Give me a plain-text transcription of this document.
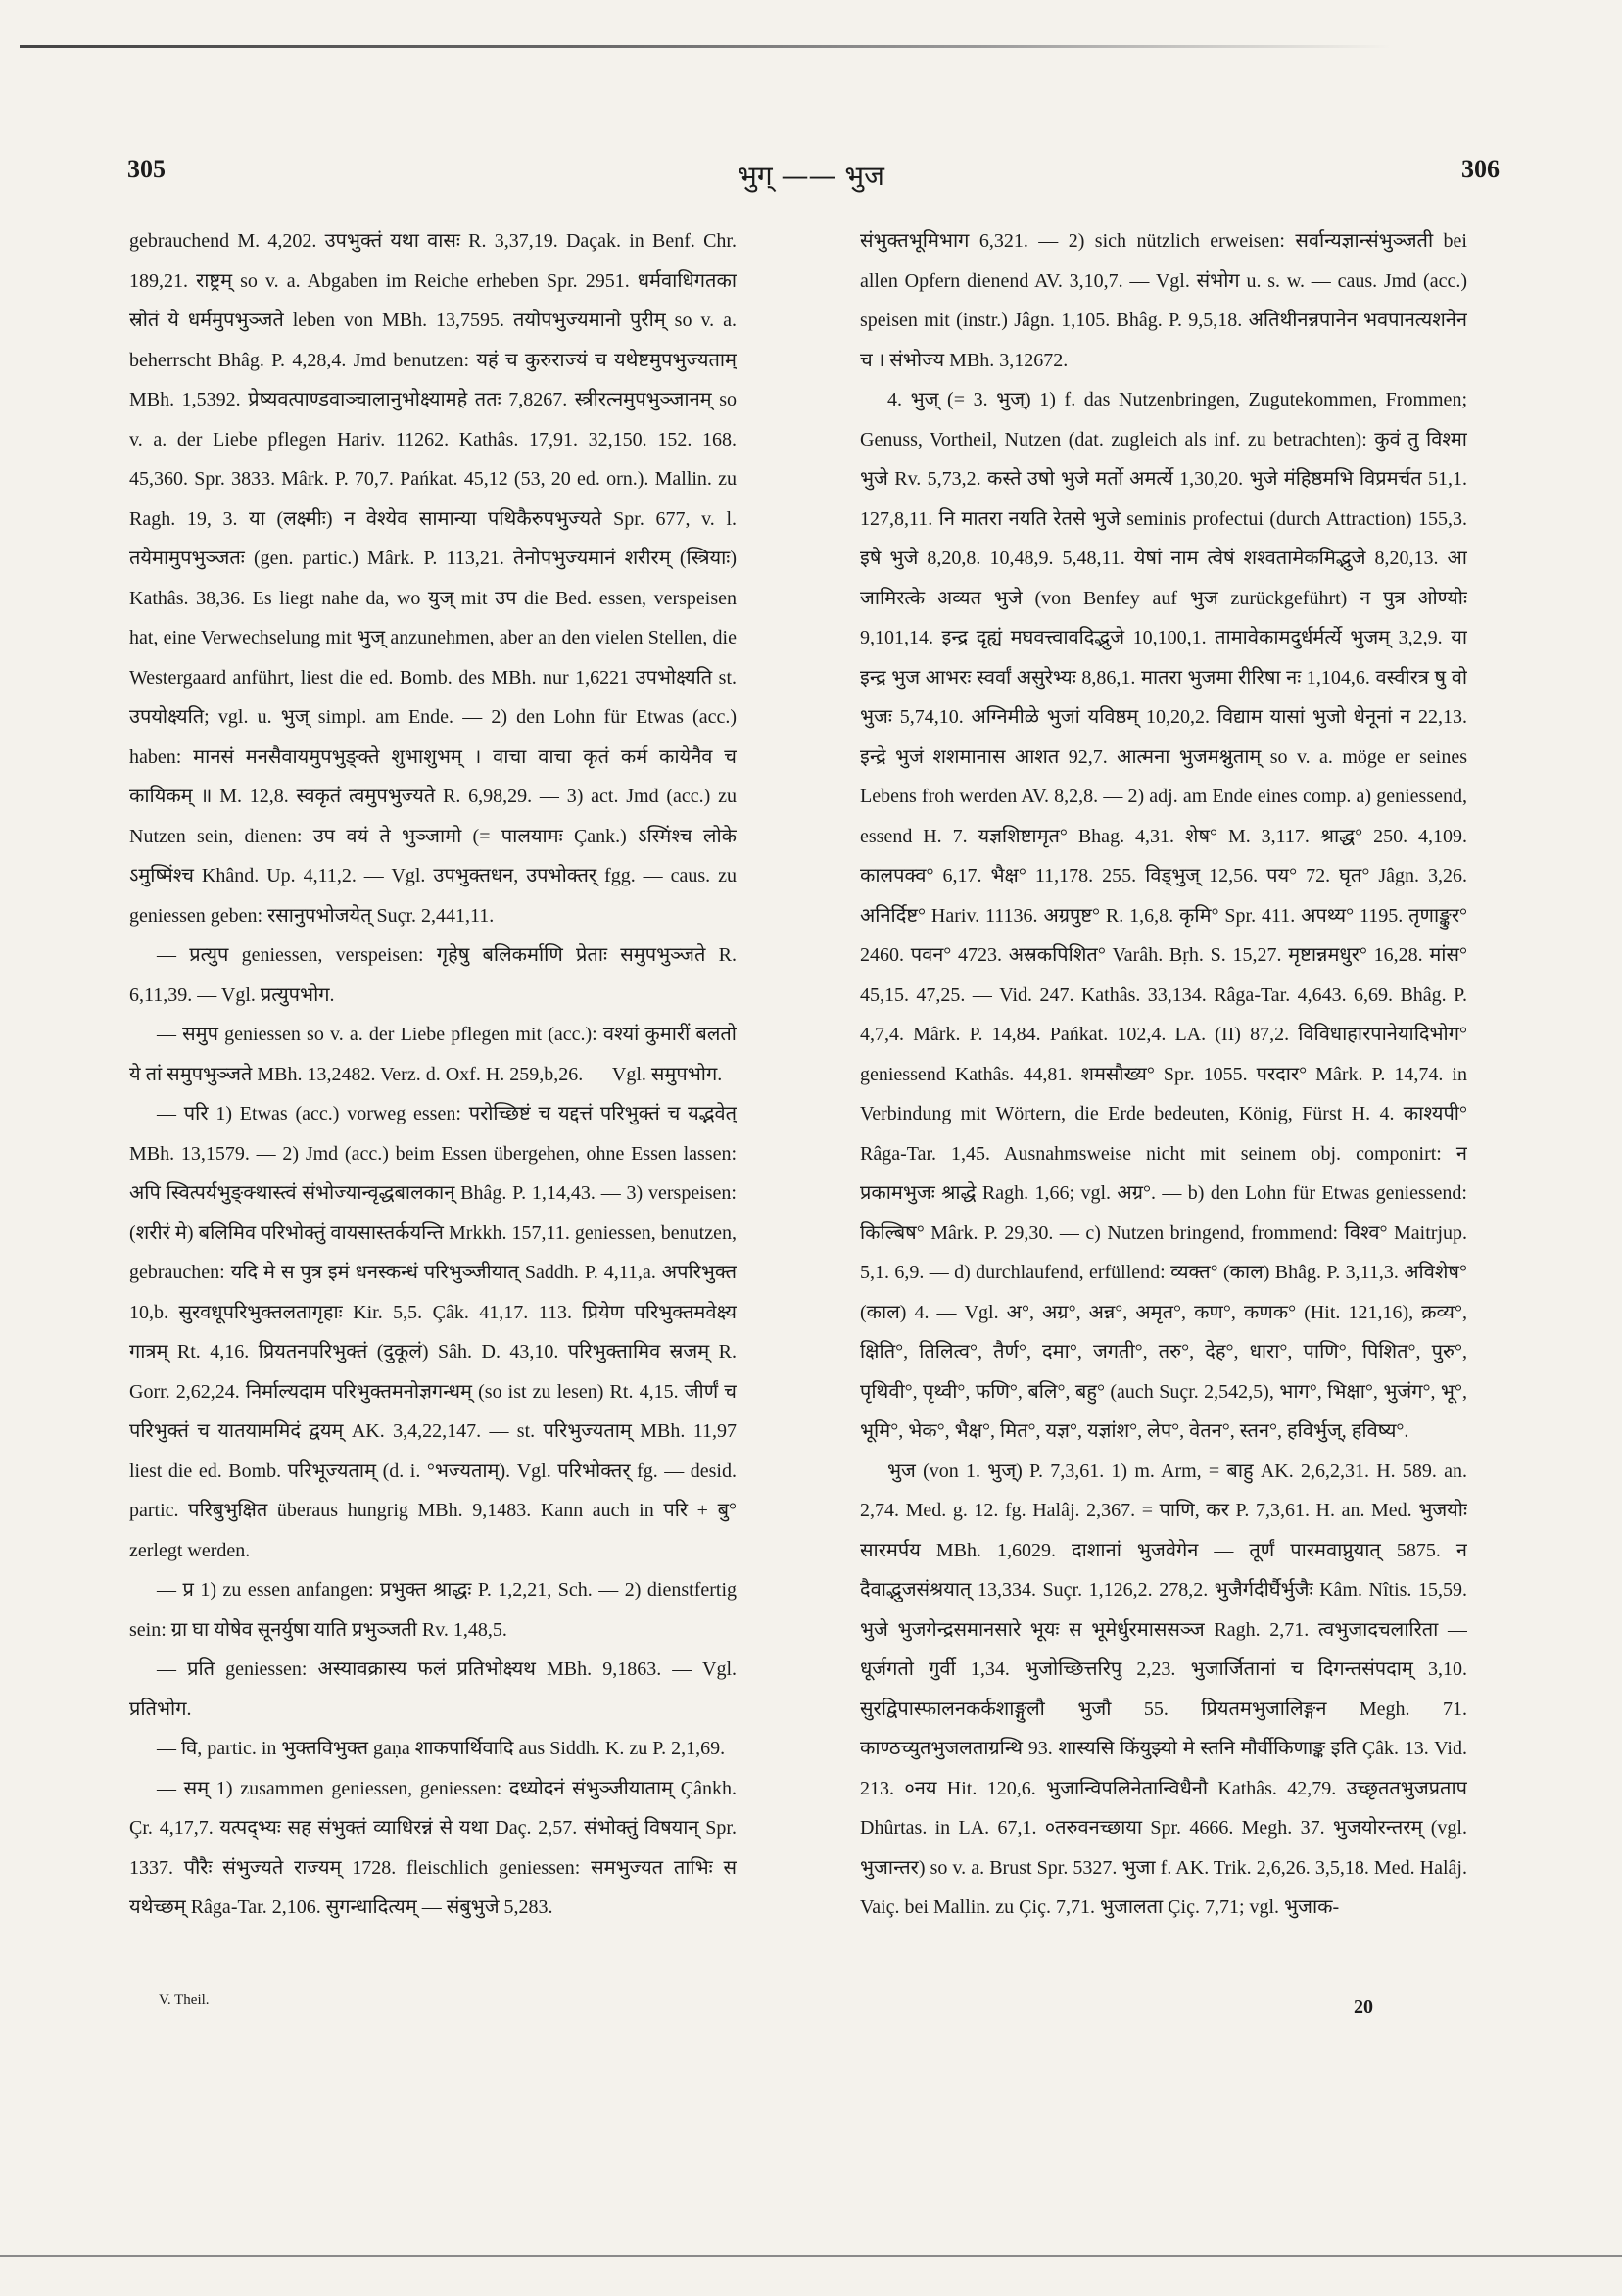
305	भुग् —— भुज	306

gebrauchend M. 4,202. उपभुक्तं यथा वासः R. 3,37,19. Daçak. in Benf. Chr. 189,21. राष्ट्रम् so v. a. Abgaben im Reiche erheben Spr. 2951. धर्मवाधिगतका स्रोतं ये धर्ममुपभुञ्जते leben von MBh. 13,7595. तयोपभुज्यमानो पुरीम् so v. a. beherrscht Bhâg. P. 4,28,4. Jmd benutzen: यहं च कुरुराज्यं च यथेष्टमुपभुज्यताम् MBh. 1,5392. प्रेष्यवत्पाण्डवाञ्चालानुभोक्ष्यामहे ततः 7,8267. स्त्रीरत्नमुपभुञ्जानम् so v. a. der Liebe pflegen Hariv. 11262. Kathâs. 17,91. 32,150. 152. 168. 45,360. Spr. 3833. Mârk. P. 70,7. Pańkat. 45,12 (53, 20 ed. orn.). Mallin. zu Ragh. 19, 3. या (लक्ष्मीः) न वेश्येव सामान्या पथिकैरुपभुज्यते Spr. 677, v. l. तयेमामुपभुञ्जतः (gen. partic.) Mârk. P. 113,21. तेनोपभुज्यमानं शरीरम् (स्त्रियाः) Kathâs. 38,36. Es liegt nahe da, wo युज् mit उप die Bed. essen, verspeisen hat, eine Verwechselung mit भुज् anzunehmen, aber an den vielen Stellen, die Westergaard anführt, liest die ed. Bomb. des MBh. nur 1,6221 उपभोक्ष्यति st. उपयोक्ष्यति; vgl. u. भुज् simpl. am Ende. — 2) den Lohn für Etwas (acc.) haben: मानसं मनसैवायमुपभुङ्क्ते शुभाशुभम् । वाचा वाचा कृतं कर्म कायेनैव च कायिकम् ॥ M. 12,8. स्वकृतं त्वमुपभुज्यते R. 6,98,29. — 3) act. Jmd (acc.) zu Nutzen sein, dienen: उप वयं ते भुञ्जामो (= पालयामः Çank.) ऽस्मिंश्च लोके ऽमुष्मिंश्च Khând. Up. 4,11,2. — Vgl. उपभुक्तधन, उपभोक्तर् fgg. — caus. zu geniessen geben: रसानुपभोजयेत् Suçr. 2,441,11.

— प्रत्युप geniessen, verspeisen: गृहेषु बलिकर्माणि प्रेताः समुपभुञ्जते R. 6,11,39. — Vgl. प्रत्युपभोग.

— समुप geniessen so v. a. der Liebe pflegen mit (acc.): वश्यां कुमारीं बलतो ये तां समुपभुञ्जते MBh. 13,2482. Verz. d. Oxf. H. 259,b,26. — Vgl. समुपभोग.

— परि 1) Etwas (acc.) vorweg essen: परोच्छिष्टं च यद्दत्तं परिभुक्तं च यद्भवेत् MBh. 13,1579. — 2) Jmd (acc.) beim Essen übergehen, ohne Essen lassen: अपि स्वित्पर्यभुङ्क्थास्त्वं संभोज्यान्वृद्धबालकान् Bhâg. P. 1,14,43. — 3) verspeisen: (शरीरं मे) बलिमिव परिभोक्तुं वायसास्तर्कयन्ति Mrkkh. 157,11. geniessen, benutzen, gebrauchen: यदि मे स पुत्र इमं धनस्कन्धं परिभुञ्जीयात् Saddh. P. 4,11,a. अपरिभुक्त 10,b. सुरवधूपरिभुक्तलतागृहाः Kir. 5,5. Çâk. 41,17. 113. प्रियेण परिभुक्तमवेक्ष्य गात्रम् Rt. 4,16. प्रियतनपरिभुक्तं (दुकूलं) Sâh. D. 43,10. परिभुक्तामिव स्रजम् R. Gorr. 2,62,24. निर्माल्यदाम परिभुक्तमनोज्ञगन्धम् (so ist zu lesen) Rt. 4,15. जीर्णं च परिभुक्तं च यातयाममिदं द्वयम् AK. 3,4,22,147. — st. परिभुज्यताम् MBh. 11,97 liest die ed. Bomb. परिभूज्यताम् (d. i. °भज्यताम्). Vgl. परिभोक्तर् fg. — desid. partic. परिबुभुक्षित überaus hungrig MBh. 9,1483. Kann auch in परि + बु° zerlegt werden.

— प्र 1) zu essen anfangen: प्रभुक्त श्राद्धः P. 1,2,21, Sch. — 2) dienstfertig sein: ग्रा घा योषेव सूनर्युषा याति प्रभुञ्जती Rv. 1,48,5.

— प्रति geniessen: अस्यावक्रास्य फलं प्रतिभोक्ष्यथ MBh. 9,1863. — Vgl. प्रतिभोग.

— वि, partic. in भुक्तविभुक्त gaṇa शाकपार्थिवादि aus Siddh. K. zu P. 2,1,69.

— सम् 1) zusammen geniessen, geniessen: दध्योदनं संभुञ्जीयाताम् Çânkh. Çr. 4,17,7. यत्पद्भ्यः सह संभुक्तं व्याधिरन्नं से यथा Daç. 2,57. संभोक्तुं विषयान् Spr. 1337. पौरैः संभुज्यते राज्यम् 1728. fleischlich geniessen: समभुज्यत ताभिः स यथेच्छम् Râga-Tar. 2,106. सुगन्धादित्यम् — संबुभुजे 5,283.

संभुक्तभूमिभाग 6,321. — 2) sich nützlich erweisen: सर्वान्यज्ञान्संभुञ्जती bei allen Opfern dienend AV. 3,10,7. — Vgl. संभोग u. s. w. — caus. Jmd (acc.) speisen mit (instr.) Jâgn. 1,105. Bhâg. P. 9,5,18. अतिथीनन्नपानेन भवपानत्यशनेन च । संभोज्य MBh. 3,12672.

4. भुज् (= 3. भुज्) 1) f. das Nutzenbringen, Zugutekommen, Frommen; Genuss, Vortheil, Nutzen (dat. zugleich als inf. zu betrachten): कुवं तु विश्मा भुजे Rv. 5,73,2. कस्ते उषो भुजे मर्तो अमर्त्ये 1,30,20. भुजे मंहिष्ठमभि विप्रमर्चत 51,1. 127,8,11. नि मातरा नयति रेतसे भुजे seminis profectui (durch Attraction) 155,3. इषे भुजे 8,20,8. 10,48,9. 5,48,11. येषां नाम त्वेषं शश्वतामेकमिद्भुजे 8,20,13. आ जामिरत्के अव्यत भुजे (von Benfey auf भुज zurückgeführt) न पुत्र ओण्योः 9,101,14. इन्द्र दृह्यं मघवत्त्वावदिद्भुजे 10,100,1. तामावेकामदुर्धर्मर्त्ये भुजम् 3,2,9. या इन्द्र भुज आभरः स्वर्वां असुरेभ्यः 8,86,1. मातरा भुजमा रीरिषा नः 1,104,6. वस्वीरत्र षु वो भुजः 5,74,10. अग्निमीळे भुजां यविष्ठम् 10,20,2. विद्याम यासां भुजो धेनूनां न 22,13. इन्द्रे भुजं शशमानास आशत 92,7. आत्मना भुजमश्नुताम् so v. a. möge er seines Lebens froh werden AV. 8,2,8. — 2) adj. am Ende eines comp. a) geniessend, essend H. 7. यज्ञशिष्टामृत° Bhag. 4,31. शेष° M. 3,117. श्राद्ध° 250. 4,109. कालपक्व° 6,17. भैक्ष° 11,178. 255. विड्भुज् 12,56. पय° 72. घृत° Jâgn. 3,26. अनिर्दिष्ट° Hariv. 11136. अग्रपुष्ट° R. 1,6,8. कृमि° Spr. 411. अपथ्य° 1195. तृणाङ्कुर° 2460. पवन° 4723. अस्रकपिशित° Varâh. Bṛh. S. 15,27. मृष्टान्नमधुर° 16,28. मांस° 45,15. 47,25. — Vid. 247. Kathâs. 33,134. Râga-Tar. 4,643. 6,69. Bhâg. P. 4,7,4. Mârk. P. 14,84. Pańkat. 102,4. LA. (II) 87,2. विविधाहारपानेयादिभोग° geniessend Kathâs. 44,81. शमसौख्य° Spr. 1055. परदार° Mârk. P. 14,74. in Verbindung mit Wörtern, die Erde bedeuten, König, Fürst H. 4. काश्यपी° Râga-Tar. 1,45. Ausnahmsweise nicht mit seinem obj. componirt: न प्रकामभुजः श्राद्धे Ragh. 1,66; vgl. अग्र°. — b) den Lohn für Etwas geniessend: किल्बिष° Mârk. P. 29,30. — c) Nutzen bringend, frommend: विश्व° Maitrjup. 5,1. 6,9. — d) durchlaufend, erfüllend: व्यक्त° (काल) Bhâg. P. 3,11,3. अविशेष° (काल) 4. — Vgl. अ°, अग्र°, अन्न°, अमृत°, कण°, कणक° (Hit. 121,16), क्रव्य°, क्षिति°, तिलित्व°, तैर्ण°, दमा°, जगती°, तरु°, देह°, धारा°, पाणि°, पिशित°, पुरु°, पृथिवी°, पृथ्वी°, फणि°, बलि°, बहु° (auch Suçr. 2,542,5), भाग°, भिक्षा°, भुजंग°, भू°, भूमि°, भेक°, भैक्ष°, मित°, यज्ञ°, यज्ञांश°, लेप°, वेतन°, स्तन°, हविर्भुज्, हविष्य°.

भुज (von 1. भुज्) P. 7,3,61. 1) m. Arm, = बाहु AK. 2,6,2,31. H. 589. an. 2,74. Med. g. 12. fg. Halâj. 2,367. = पाणि, कर P. 7,3,61. H. an. Med. भुजयोः सारमर्पय MBh. 1,6029. दाशानां भुजवेगेन — तूर्णं पारमवाप्नुयात् 5875. न दैवाद्भुजसंश्रयात् 13,334. Suçr. 1,126,2. 278,2. भुजैर्गदीर्घैर्भुजैः Kâm. Nîtis. 15,59. भुजे भुजगेन्द्रसमानसारे भूयः स भूमेर्धुरमाससञ्ज Ragh. 2,71. त्वभुजादचलारिता — धूर्जगतो गुर्वी 1,34. भुजोच्छित्तरिपु 2,23. भुजार्जितानां च दिगन्तसंपदाम् 3,10. सुरद्विपास्फालनकर्कशाङ्गुलौ भुजौ 55. प्रियतमभुजालिङ्गन Megh. 71. काण्ठच्युतभुजलताग्रन्थि 93. शास्यसि किंयुझ्यो मे स्तनि मौर्वीकिणाङ्क इति Çâk. 13. Vid. 213. ०नय Hit. 120,6. भुजान्विपलिनेतान्विधैनौ Kathâs. 42,79. उच्छृततभुजप्रताप Dhûrtas. in LA. 67,1. ०तरुवनच्छाया Spr. 4666. Megh. 37. भुजयोरन्तरम् (vgl. भुजान्तर) so v. a. Brust Spr. 5327. भुजा f. AK. Trik. 2,6,26. 3,5,18. Med. Halâj. Vaiç. bei Mallin. zu Çiç. 7,71. भुजालता Çiç. 7,71; vgl. भुजाक-

V. Theil.	20
